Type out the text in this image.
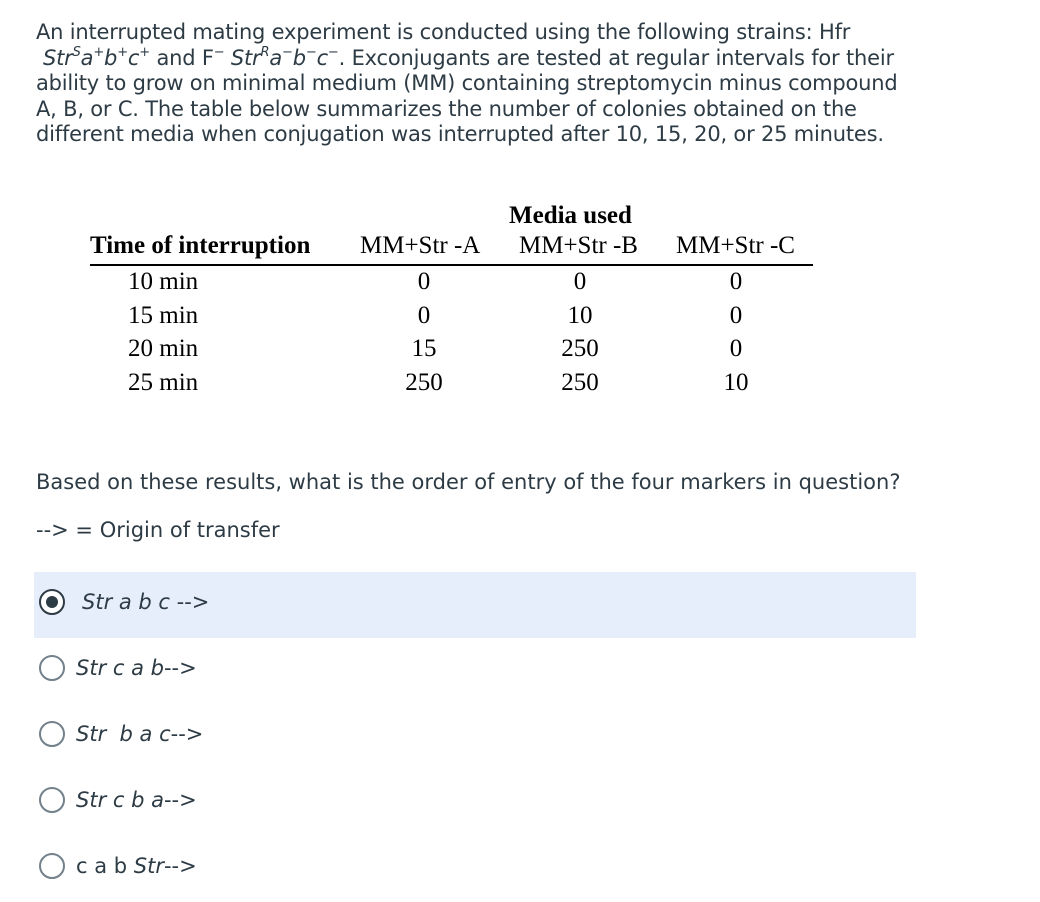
An interrupted mating experiment is conducted using the following strains: Hfr
Str$^S$a+b+c+ and F− Str$^R$a−b−c−. Exconjugants are tested at regular intervals for their
ability to grow on minimal medium (MM) containing streptomycin minus compound
A, B, or C. The table below summarizes the number of colonies obtained on the
different media when conjugation was interrupted after 10, 15, 20, or 25 minutes.
Media used
Time of interruption MM+Str -A MM+Str -B MM+Str -C
10 min	0	0	0
15 min	0	10	0
20 min	15	250	0
25 min	250	250	10
Based on these results, what is the order of entry of the four markers in question?
--> = Origin of transfer
Str a b c -->
Str c a b-->
Str  b a c-->
Str c b a-->
c a b Str-->
